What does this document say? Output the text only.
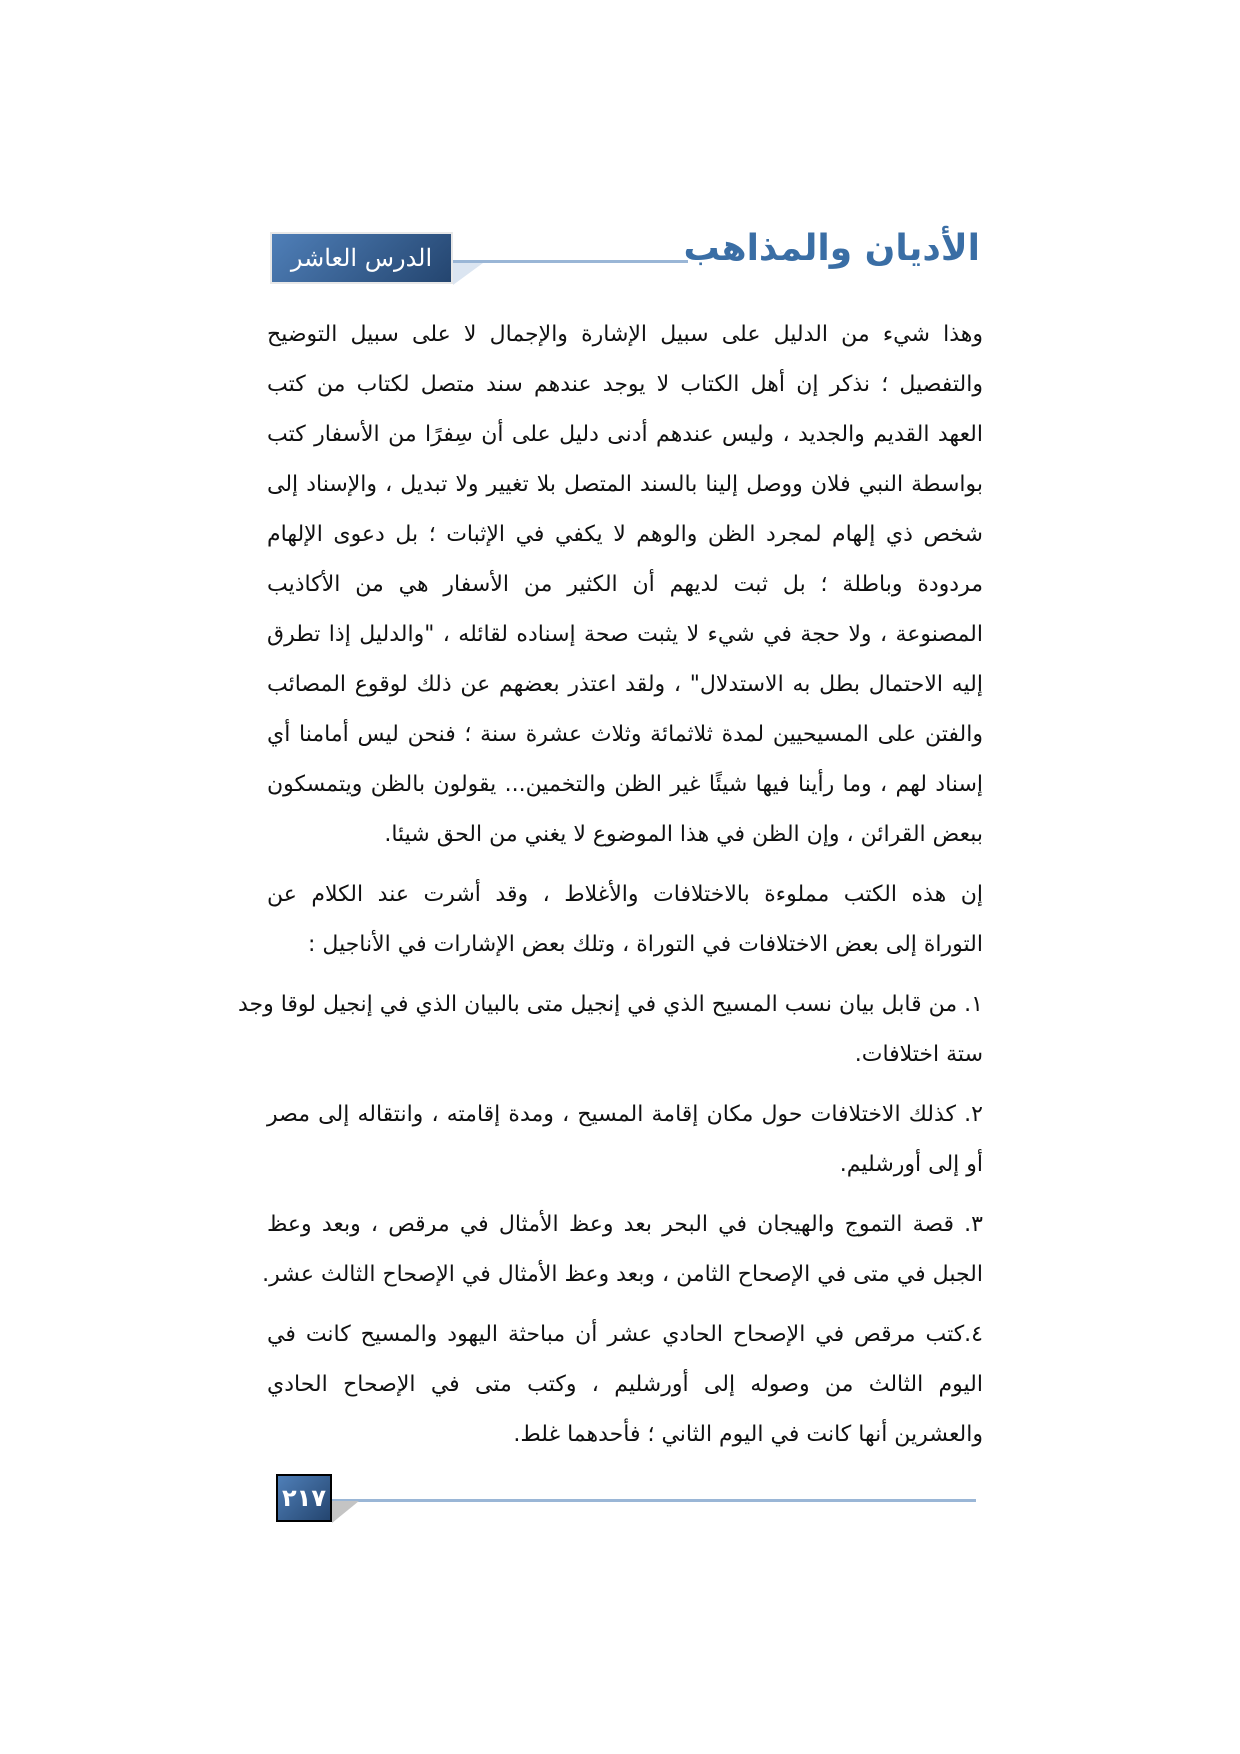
الدرس العاشر	الأديان والمذاهب
وهذا شيء من الدليل على سبيل الإشارة والإجمال لا على سبيل التوضيح
والتفصيل ؛ نذكر إن أهل الكتاب لا يوجد عندهم سند متصل لكتاب من كتب
العهد القديم والجديد ، وليس عندهم أدنى دليل على أن سِفرًا من الأسفار كتب
بواسطة النبي فلان ووصل إلينا بالسند المتصل بلا تغيير ولا تبديل ، والإسناد إلى
شخص ذي إلهام لمجرد الظن والوهم لا يكفي في الإثبات ؛ بل دعوى الإلهام
مردودة وباطلة ؛ بل ثبت لديهم أن الكثير من الأسفار هي من الأكاذيب
المصنوعة ، ولا حجة في شيء لا يثبت صحة إسناده لقائله ، "والدليل إذا تطرق
إليه الاحتمال بطل به الاستدلال" ، ولقد اعتذر بعضهم عن ذلك لوقوع المصائب
والفتن على المسيحيين لمدة ثلاثمائة وثلاث عشرة سنة ؛ فنحن ليس أمامنا أي
إسناد لهم ، وما رأينا فيها شيئًا غير الظن والتخمين... يقولون بالظن ويتمسكون
ببعض القرائن ، وإن الظن في هذا الموضوع لا يغني من الحق شيئا.
إن هذه الكتب مملوءة بالاختلافات والأغلاط ، وقد أشرت عند الكلام عن
التوراة إلى بعض الاختلافات في التوراة ، وتلك بعض الإشارات في الأناجيل :
١. من قابل بيان نسب المسيح الذي في إنجيل متى بالبيان الذي في إنجيل لوقا وجد
ستة اختلافات.
٢. كذلك الاختلافات حول مكان إقامة المسيح ، ومدة إقامته ، وانتقاله إلى مصر
أو إلى أورشليم.
٣. قصة التموج والهيجان في البحر بعد وعظ الأمثال في مرقص ، وبعد وعظ
الجبل في متى في الإصحاح الثامن ، وبعد وعظ الأمثال في الإصحاح الثالث عشر.
٤.كتب مرقص في الإصحاح الحادي عشر أن مباحثة اليهود والمسيح كانت في
اليوم الثالث من وصوله إلى أورشليم ، وكتب متى في الإصحاح الحادي
والعشرين أنها كانت في اليوم الثاني ؛ فأحدهما غلط.
٢١٧
